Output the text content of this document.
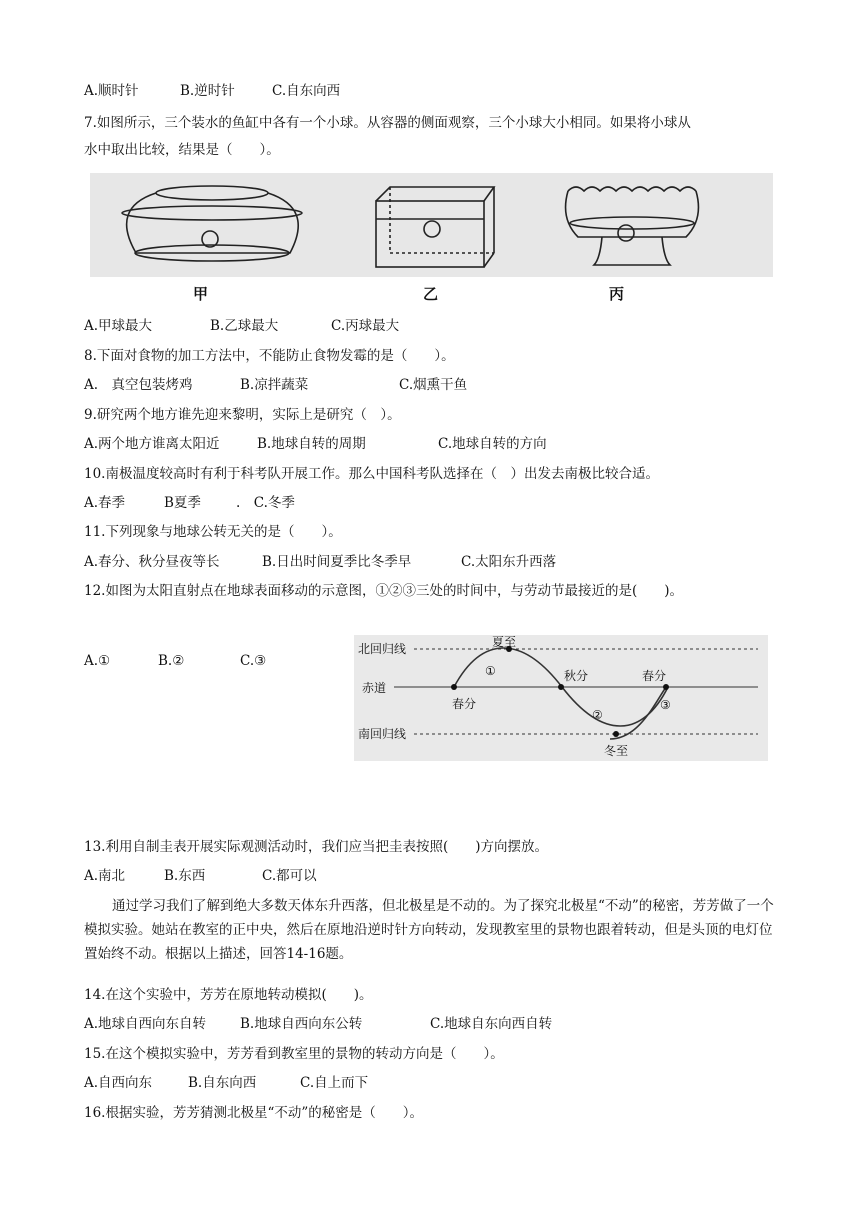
A.顺时针	B.逆时针	C.自东向西
7.如图所示，三个装水的鱼缸中各有一个小球。从容器的侧面观察，三个小球大小相同。如果将小球从
水中取出比较，结果是（　　）。
甲	乙	丙
A.甲球最大	B.乙球最大	C.丙球最大
8.下面对食物的加工方法中，不能防止食物发霉的是（　　）。
A.　真空包装烤鸡	B.凉拌蔬菜	C.烟熏干鱼
9.研究两个地方谁先迎来黎明，实际上是研究（　）。
A.两个地方谁离太阳近	B.地球自转的周期	C.地球自转的方向
10.南极温度较高时有利于科考队开展工作。那么中国科考队选择在（　）出发去南极比较合适。
A.春季	B夏季	.　C.冬季
11.下列现象与地球公转无关的是（　　）。
A.春分、秋分昼夜等长	B.日出时间夏季比冬季早	C.太阳东升西落
12.如图为太阳直射点在地球表面移动的示意图，①②③三处的时间中，与劳动节最接近的是(　　)。
A.①	B.②	C.③
北回归线
赤道
南回归线
夏至
秋分
春分
春分
冬至
①
②
③
13.利用自制圭表开展实际观测活动时，我们应当把圭表按照(　　)方向摆放。
A.南北	B.东西	C.都可以
通过学习我们了解到绝大多数天体东升西落，但北极星是不动的。为了探究北极星“不动”的秘密，芳芳做了一个模拟实验。她站在教室的正中央，然后在原地沿逆时针方向转动，发现教室里的景物也跟着转动，但是头顶的电灯位置始终不动。根据以上描述，回答14-16题。
14.在这个实验中，芳芳在原地转动模拟(　　)。
A.地球自西向东自转	B.地球自西向东公转	C.地球自东向西自转
15.在这个模拟实验中，芳芳看到教室里的景物的转动方向是（　　）。
A.自西向东	B.自东向西	C.自上而下
16.根据实验，芳芳猜测北极星“不动”的秘密是（　　）。
